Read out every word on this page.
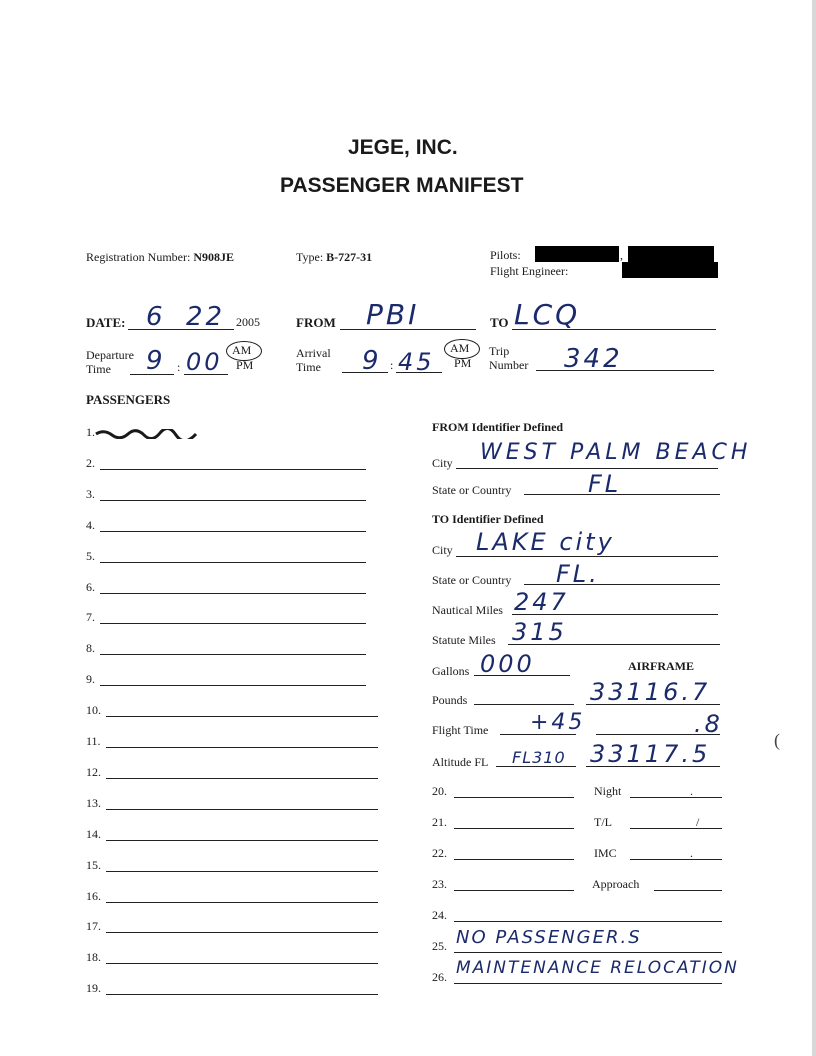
JEGE, INC.
PASSENGER MANIFEST
Registration Number: N908JE	Type: B-727-31	Pilots:	,
Flight Engineer:
DATE: 6 22 2005	FROM PBI	TO LCQ
Departure
Time 9 : 00 AM
PM
Arrival
Time 9 : 45 AM
PM
Trip
Number 342
PASSENGERS
1.
2.
3.
4.
5.
6.
7.
8.
9.
10.
11.
12.
13.
14.
15.
16.
17.
18.
19.
FROM Identifier Defined
City WEST PALM BEACH
State or Country	FL
TO Identifier Defined
City LAKE city
State or Country FL.
Nautical Miles 247
Statute Miles 315
Gallons 000	AIRFRAME
Pounds	33116.7
Flight Time +45	.8
Altitude FL FL310 33117.5	(
20.	Night	.
21.	T/L	/
22.	IMC	.
23.	Approach
24.
25. NO PASSENGER.S
26. MAINTENANCE RELOCATION
